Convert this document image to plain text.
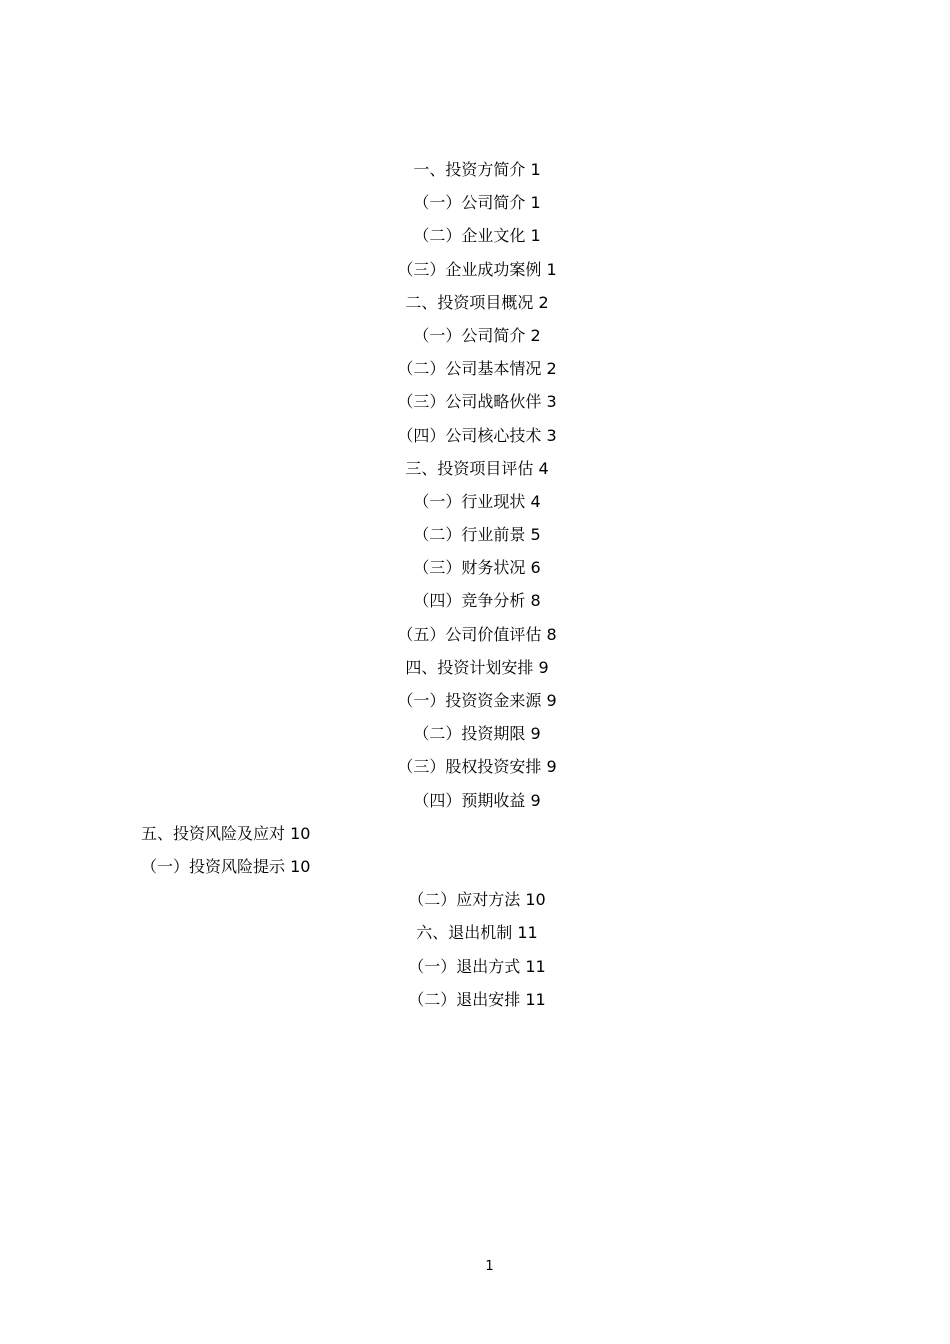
一、投资方简介 1
（一）公司简介 1
（二）企业文化 1
（三）企业成功案例 1
二、投资项目概况 2
（一）公司简介 2
（二）公司基本情况 2
（三）公司战略伙伴 3
（四）公司核心技术 3
三、投资项目评估 4
（一）行业现状 4
（二）行业前景 5
（三）财务状况 6
（四）竞争分析 8
（五）公司价值评估 8
四、投资计划安排 9
（一）投资资金来源 9
（二）投资期限 9
（三）股权投资安排 9
（四）预期收益 9
五、投资风险及应对 10
（一）投资风险提示 10
（二）应对方法 10
六、退出机制 11
（一）退出方式 11
（二）退出安排 11
1
